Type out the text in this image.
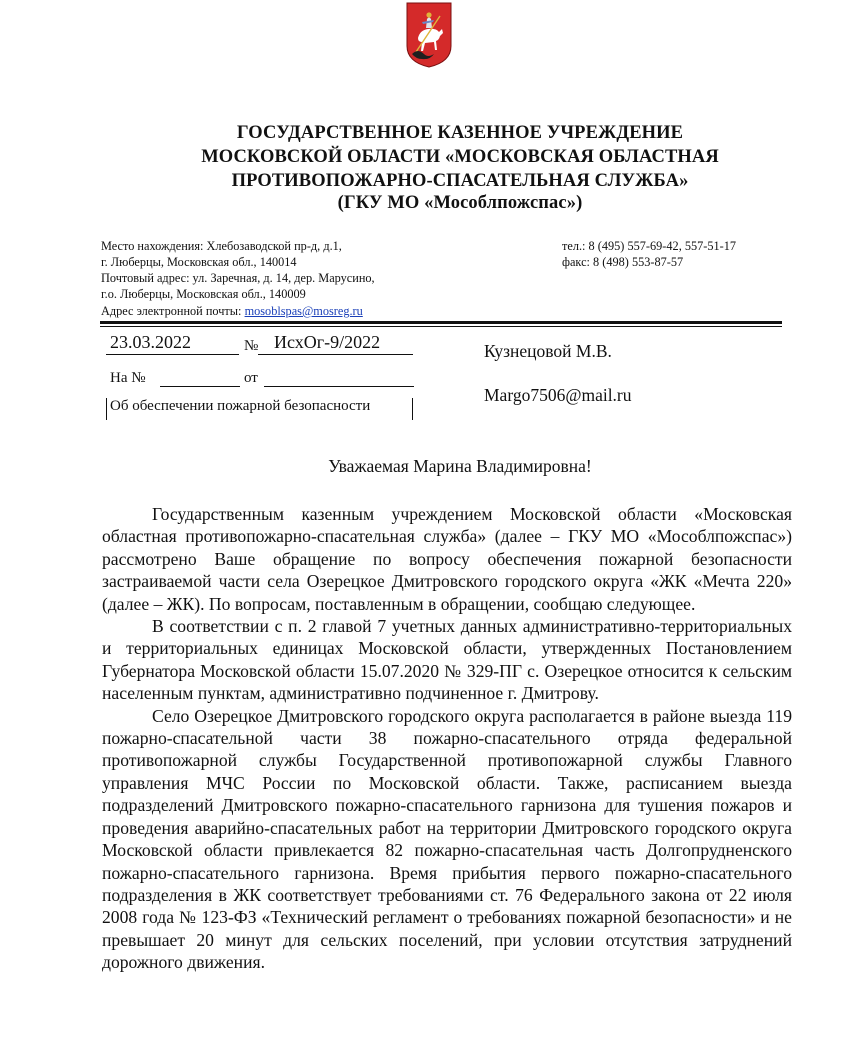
ГОСУДАРСТВЕННОЕ КАЗЕННОЕ УЧРЕЖДЕНИЕ
МОСКОВСКОЙ ОБЛАСТИ «МОСКОВСКАЯ ОБЛАСТНАЯ
ПРОТИВОПОЖАРНО-СПАСАТЕЛЬНАЯ СЛУЖБА»
(ГКУ МО «Мособлпожспас»)
Место нахождения: Хлебозаводской пр-д, д.1,
г. Люберцы, Московская обл., 140014
Почтовый адрес: ул. Заречная, д. 14, дер. Марусино,
г.о. Люберцы, Московская обл., 140009
Адрес электронной почты: mosoblspas@mosreg.ru
тел.: 8 (495) 557-69-42, 557-51-17
факс: 8 (498) 553-87-57
23.03.2022	№ ИсхОг-9/2022
На №	от
Об обеспечении пожарной безопасности
Кузнецовой М.В.
Margo7506@mail.ru
Уважаемая Марина Владимировна!

Государственным казенным учреждением Московской области «Московская областная противопожарно-спасательная служба» (далее – ГКУ МО «Мособлпожспас») рассмотрено Ваше обращение по вопросу обеспечения пожарной безопасности застраиваемой части села Озерецкое Дмитровского городского округа «ЖК «Мечта 220» (далее – ЖК). По вопросам, поставленным в обращении, сообщаю следующее.

В соответствии с п. 2 главой 7 учетных данных административно-территориальных и территориальных единицах Московской области, утвержденных Постановлением Губернатора Московской области 15.07.2020 № 329-ПГ с. Озерецкое относится к сельским населенным пунктам, административно подчиненное г. Дмитрову.

Село Озерецкое Дмитровского городского округа располагается в районе выезда 119 пожарно-спасательной части 38 пожарно-спасательного отряда федеральной противопожарной службы Государственной противопожарной службы Главного управления МЧС России по Московской области. Также, расписанием выезда подразделений Дмитровского пожарно-спасательного гарнизона для тушения пожаров и проведения аварийно-спасательных работ на территории Дмитровского городского округа Московской области привлекается 82 пожарно-спасательная часть Долгопрудненского пожарно-спасательного гарнизона. Время прибытия первого пожарно-спасательного подразделения в ЖК соответствует требованиями ст. 76 Федерального закона от 22 июля 2008 года № 123-ФЗ «Технический регламент о требованиях пожарной безопасности» и не превышает 20 минут для сельских поселений, при условии отсутствия затруднений дорожного движения.
